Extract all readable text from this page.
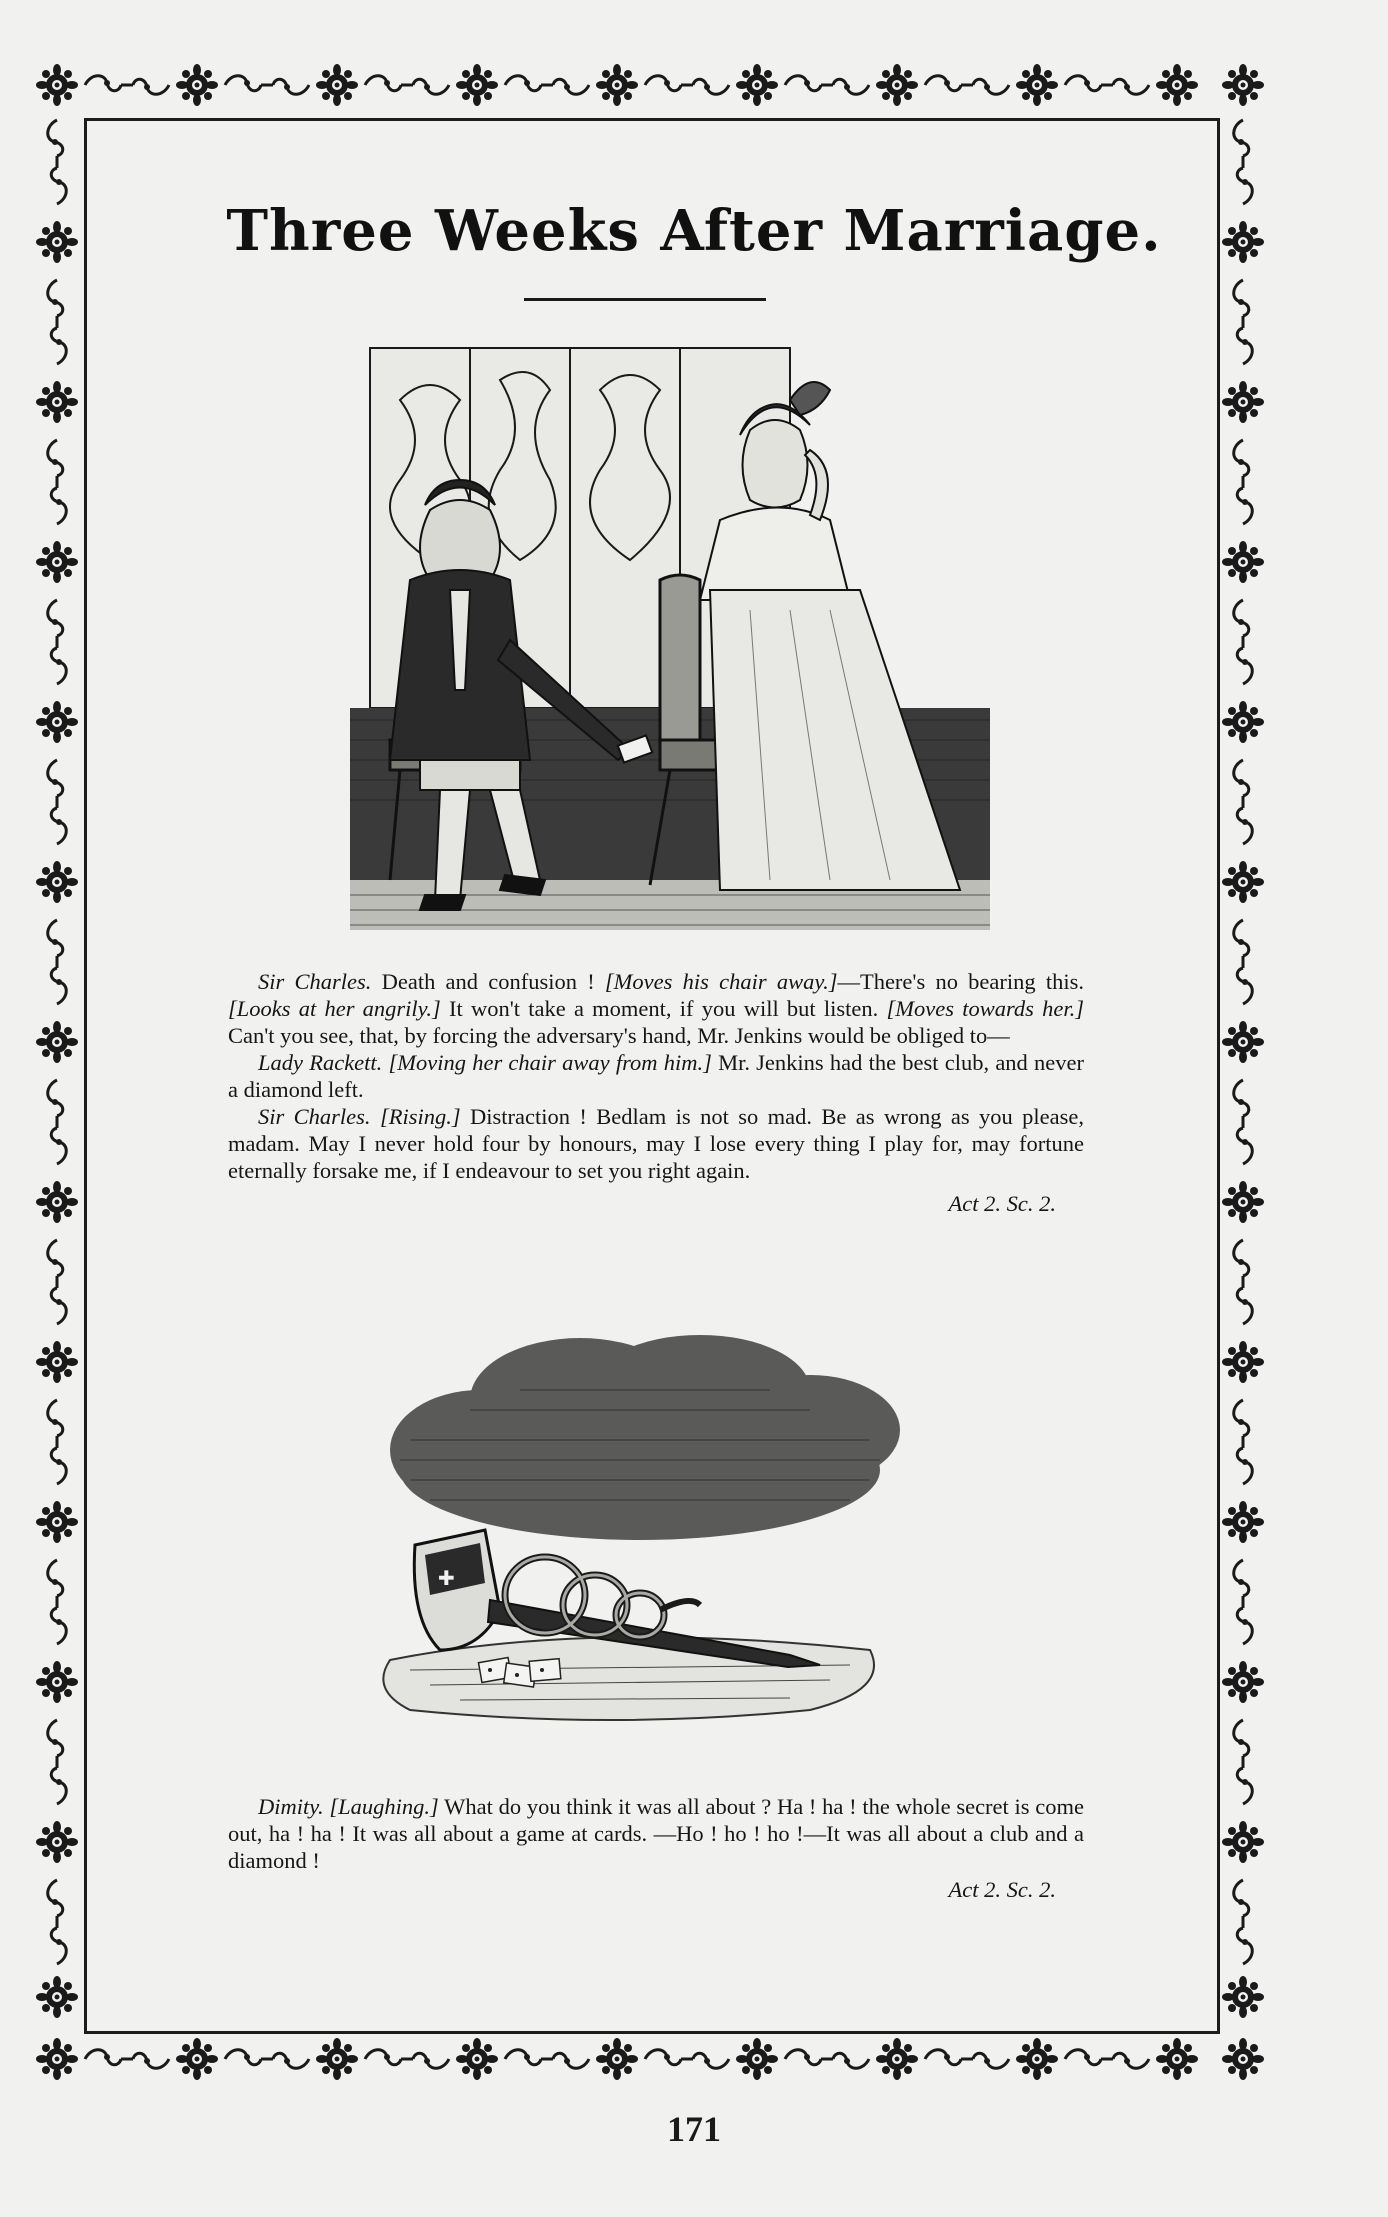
Three Weeks After Marriage.

Sir Charles. Death and confusion ! [Moves his chair away.]—There's no bearing this. [Looks at her angrily.] It won't take a moment, if you will but listen. [Moves towards her.] Can't you see, that, by forcing the adversary's hand, Mr. Jenkins would be obliged to—

Lady Rackett. [Moving her chair away from him.] Mr. Jenkins had the best club, and never a diamond left.

Sir Charles. [Rising.] Distraction ! Bedlam is not so mad. Be as wrong as you please, madam. May I never hold four by honours, may I lose every thing I play for, may fortune eternally forsake me, if I endeavour to set you right again.

Act 2. Sc. 2.
✚

Dimity. [Laughing.] What do you think it was all about ? Ha ! ha ! the whole secret is come out, ha ! ha ! It was all about a game at cards. —Ho ! ho ! ho !—It was all about a club and a diamond !

Act 2. Sc. 2.
171
